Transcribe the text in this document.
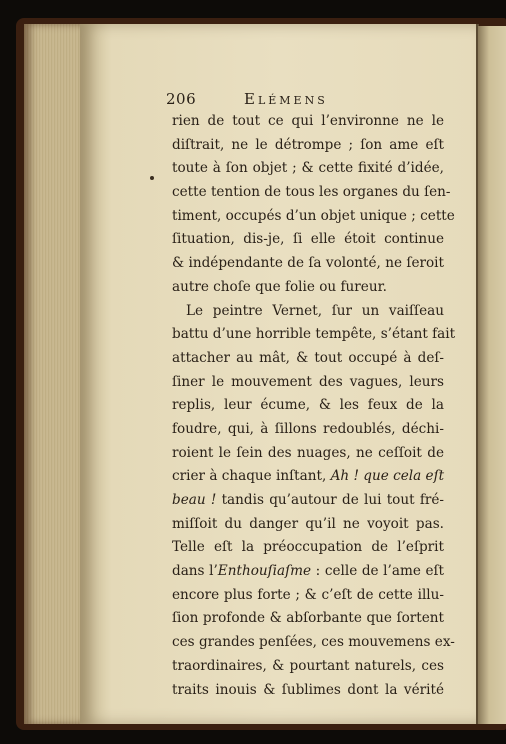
206	Elémens
rien de tout ce qui l’environne ne le
diſtrait, ne le détrompe ; ſon ame eſt
toute à ſon objet ; & cette fixité d’idée,
cette tention de tous les organes du ſen-
timent, occupés d’un objet unique ; cette
ſituation, dis-je, ſi elle étoit continue
& indépendante de ſa volonté, ne ſeroit
autre choſe que folie ou fureur.
Le peintre Vernet, ſur un vaiſſeau
battu d’une horrible tempête, s’étant fait
attacher au mât, & tout occupé à deſ-
ſiner le mouvement des vagues, leurs
replis, leur écume, & les feux de la
foudre, qui, à ſillons redoublés, déchi-
roient le ſein des nuages, ne ceſſoit de
crier à chaque inſtant, Ah ! que cela eſt
beau ! tandis qu’autour de lui tout fré-
miſſoit du danger qu’il ne voyoit pas.
Telle eſt la préoccupation de l’eſprit
dans l’Enthouſiaſme : celle de l’ame eſt
encore plus forte ; & c’eſt de cette illu-
ſion profonde & abſorbante que ſortent
ces grandes penſées, ces mouvemens ex-
traordinaires, & pourtant naturels, ces
traits inouis & ſublimes dont la vérité
